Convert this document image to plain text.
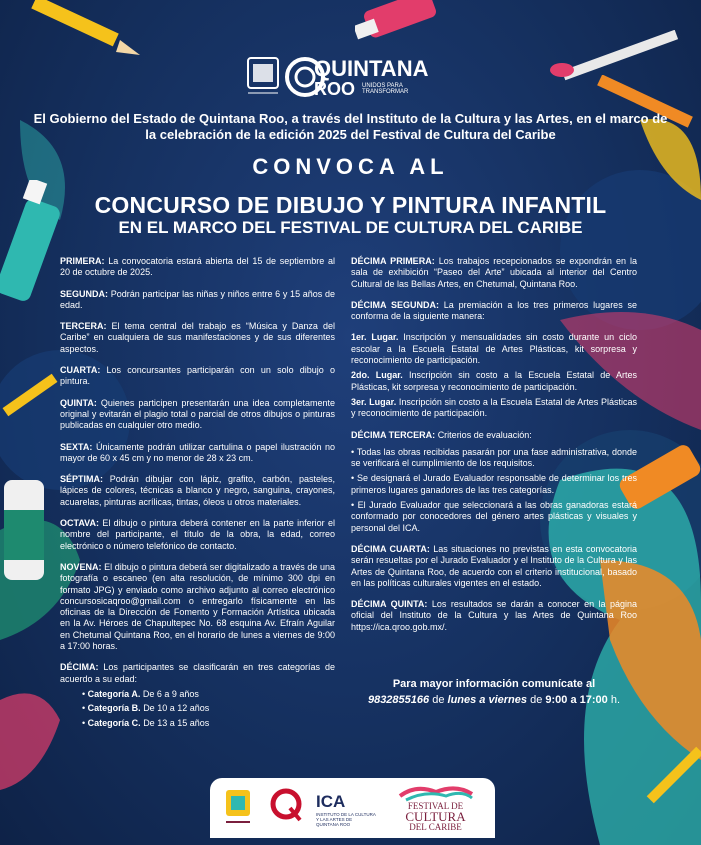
QUINTANA
ROO UNIDOS PARA TRANSFORMAR
El Gobierno del Estado de Quintana Roo, a través del Instituto de la Cultura y las Artes, en el marco de la celebración de la edición 2025 del Festival de Cultura del Caribe
CONVOCA AL
CONCURSO DE DIBUJO Y PINTURA INFANTIL
EN EL MARCO DEL FESTIVAL DE CULTURA DEL CARIBE

PRIMERA: La convocatoria estará abierta del 15 de septiembre al 20 de octubre de 2025.

SEGUNDA: Podrán participar las niñas y niños entre 6 y 15 años de edad.

TERCERA: El tema central del trabajo es “Música y Danza del Caribe” en cualquiera de sus manifestaciones y de sus diferentes aspectos.

CUARTA: Los concursantes participarán con un solo dibujo o pintura.

QUINTA: Quienes participen presentarán una idea completamente original y evitarán el plagio total o parcial de otros dibujos o pinturas publicadas en cualquier otro medio.

SEXTA: Únicamente podrán utilizar cartulina o papel ilustración no mayor de 60 x 45 cm y no menor de 28 x 23 cm.

SÉPTIMA: Podrán dibujar con lápiz, grafito, carbón, pasteles, lápices de colores, técnicas a blanco y negro, sanguina, crayones, acuarelas, pinturas acrílicas, tintas, óleos u otros materiales.

OCTAVA: El dibujo o pintura deberá contener en la parte inferior el nombre del participante, el título de la obra, la edad, correo electrónico o número telefónico de contacto.

NOVENA: El dibujo o pintura deberá ser digitalizado a través de una fotografía o escaneo (en alta resolución, de mínimo 300 dpi en formato JPG) y enviado como archivo adjunto al correo electrónico concursosicaqroo@gmail.com o entregarlo físicamente en las oficinas de la Dirección de Fomento y Formación Artística ubicada en la Av. Héroes de Chapultepec No. 68 esquina Av. Efraín Aguilar en Chetumal Quintana Roo, en el horario de lunes a viernes de 9:00 a 17:00 horas.

DÉCIMA: Los participantes se clasificarán en tres categorías de acuerdo a su edad:

• Categoría A. De 6 a 9 años
• Categoría B. De 10 a 12 años
• Categoría C. De 13 a 15 años

DÉCIMA PRIMERA: Los trabajos recepcionados se expondrán en la sala de exhibición “Paseo del Arte” ubicada al interior del Centro Cultural de las Bellas Artes, en Chetumal, Quintana Roo.

DÉCIMA SEGUNDA: La premiación a los tres primeros lugares se conforma de la siguiente manera:

1er. Lugar. Inscripción y mensualidades sin costo durante un ciclo escolar a la Escuela Estatal de Artes Plásticas, kit sorpresa y reconocimiento de participación.

2do. Lugar. Inscripción sin costo a la Escuela Estatal de Artes Plásticas, kit sorpresa y reconocimiento de participación.

3er. Lugar. Inscripción sin costo a la Escuela Estatal de Artes Plásticas y reconocimiento de participación.

DÉCIMA TERCERA: Criterios de evaluación:

• Todas las obras recibidas pasarán por una fase administrativa, donde se verificará el cumplimiento de los requisitos.
• Se designará el Jurado Evaluador responsable de determinar los tres primeros lugares ganadores de las tres categorías.
• El Jurado Evaluador que seleccionará a las obras ganadoras estará conformado por conocedores del género artes plásticas y visuales y personal del ICA.

DÉCIMA CUARTA: Las situaciones no previstas en esta convocatoria serán resueltas por el Jurado Evaluador y el Instituto de la Cultura y las Artes de Quintana Roo, de acuerdo con el criterio institucional, basado en las políticas culturales vigentes en el estado.

DÉCIMA QUINTA: Los resultados se darán a conocer en la página oficial del Instituto de la Cultura y las Artes de Quintana Roo https://ica.qroo.gob.mx/.

Para mayor información comunícate al
9832855166 de lunes a viernes de 9:00 a 17:00 h.
ICA
INSTITUTO DE LA CULTURA Y LAS ARTES DE QUINTANA ROO
FESTIVAL DE
CULTURA
DEL CARIBE
